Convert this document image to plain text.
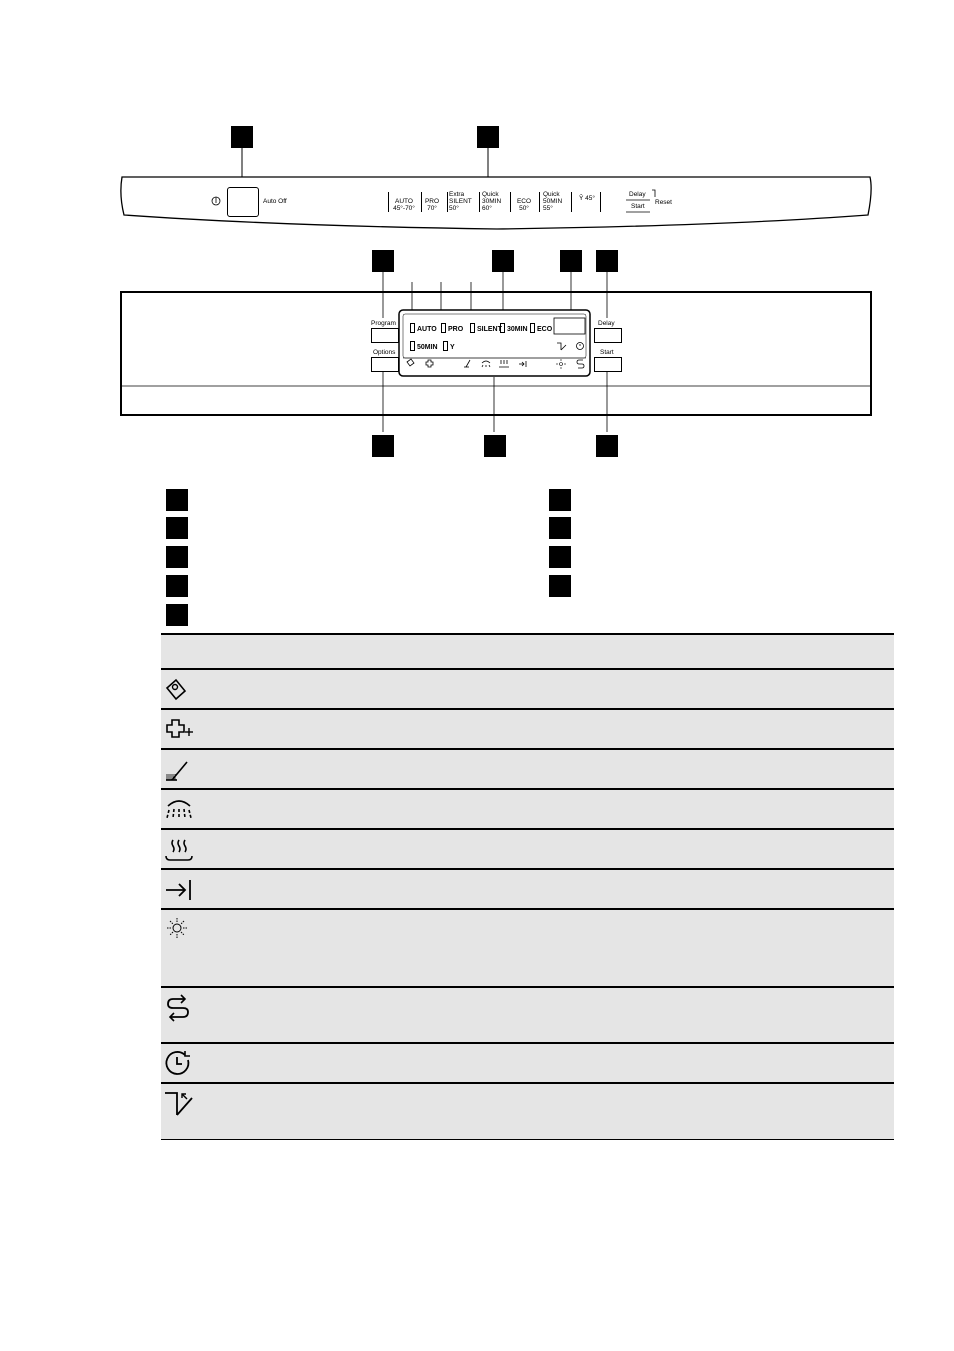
Auto Off	AUTO
45°-70°
PRO
70°
Extra
SILENT
50°
Quick
30MIN
60°
ECO
50°
Quick
50MIN
55°
Ῡ 45°
Delay
Start
Reset
Program
Options
Delay
Start
AUTO	PRO	SILENT 30MIN	ECO
50MIN	Y
